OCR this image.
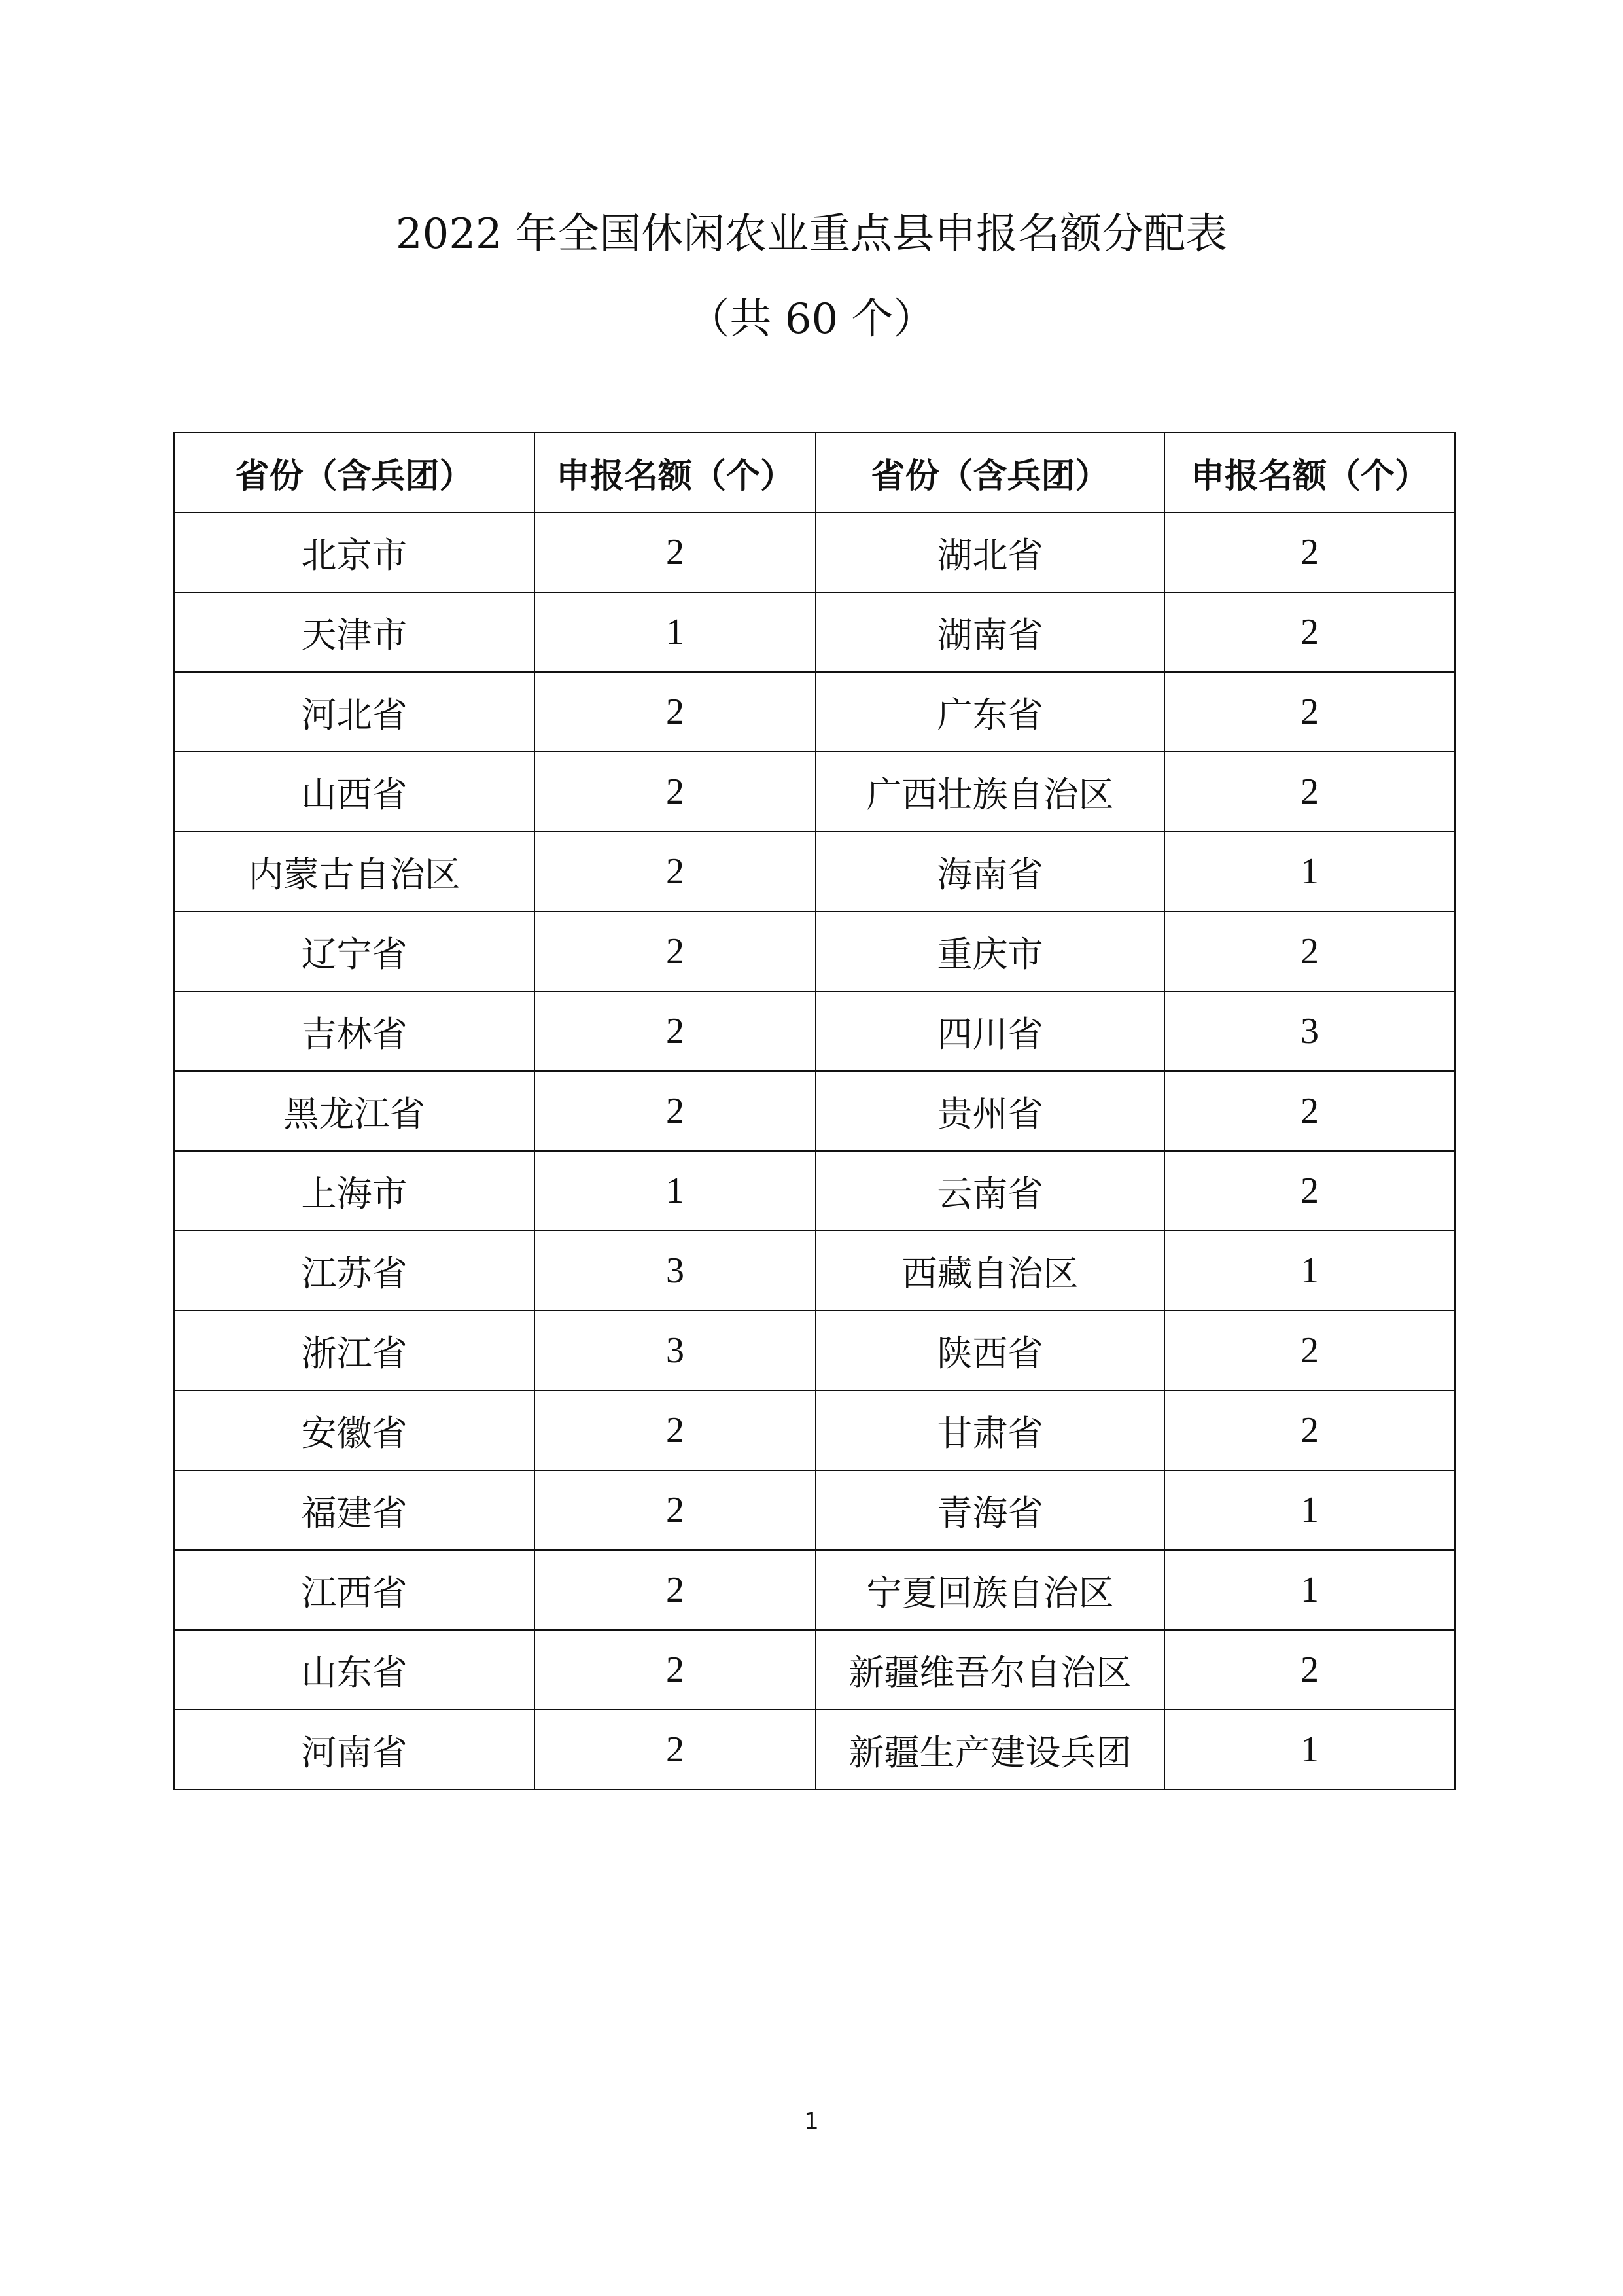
2022 年全国休闲农业重点县申报名额分配表
（共 60 个）
省份（含兵团）	申报名额（个）	省份（含兵团）	申报名额（个）
北京市	2	湖北省	2
天津市	1	湖南省	2
河北省	2	广东省	2
山西省	2	广西壮族自治区	2
内蒙古自治区	2	海南省	1
辽宁省	2	重庆市	2
吉林省	2	四川省	3
黑龙江省	2	贵州省	2
上海市	1	云南省	2
江苏省	3	西藏自治区	1
浙江省	3	陕西省	2
安徽省	2	甘肃省	2
福建省	2	青海省	1
江西省	2	宁夏回族自治区	1
山东省	2	新疆维吾尔自治区	2
河南省	2	新疆生产建设兵团	1
1
